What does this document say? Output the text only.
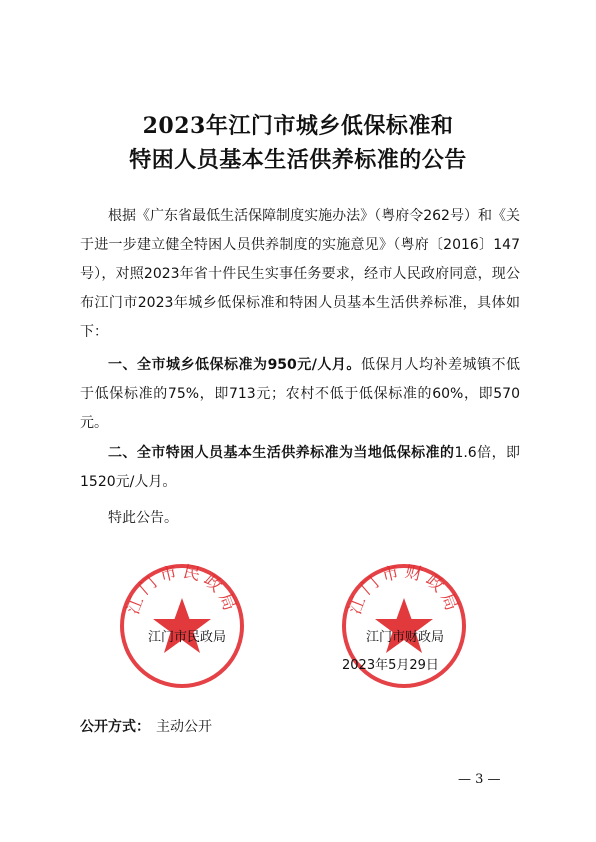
2023年江门市城乡低保标准和
特困人员基本生活供养标准的公告
根据《广东省最低生活保障制度实施办法》（粤府令262号）和《关于进一步建立健全特困人员供养制度的实施意见》（粤府〔2016〕147号），对照2023年省十件民生实事任务要求，经市人民政府同意，现公布江门市2023年城乡低保标准和特困人员基本生活供养标准，具体如下：
一、全市城乡低保标准为950元/人月。低保月人均补差城镇不低于低保标准的75%，即713元；农村不低于低保标准的60%，即570元。
二、全市特困人员基本生活供养标准为当地低保标准的1.6倍，即1520元/人月。
特此公告。
江门市民政局	江门市财政局
江门市民政局	江门市财政局
2023年5月29日
公开方式： 主动公开
— 3 —
